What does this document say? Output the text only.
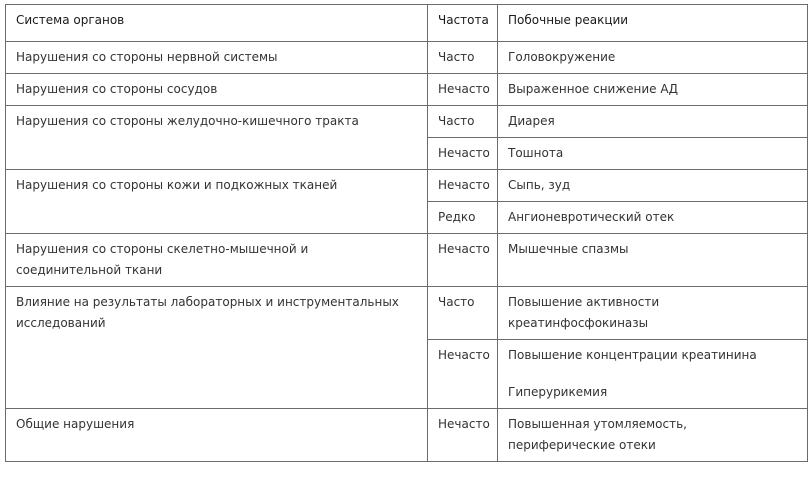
Система органов	Частота	Побочные реакции

Нарушения со стороны нервной системы	Часто	Головокружение

Нарушения со стороны сосудов	Нечасто	Выраженное снижение АД

Нарушения со стороны желудочно-кишечного тракта	Часто	Диарея

	Нечасто	Тошнота

Нарушения со стороны кожи и подкожных тканей	Нечасто	Сыпь, зуд

	Редко	Ангионевротический отек

Нарушения со стороны скелетно-мышечной и соединительной ткани	Нечасто	Мышечные спазмы

Влияние на результаты лабораторных и инструментальных исследований	Часто	Повышение активности креатинфосфокиназы

	Нечасто	Повышение концентрации креатинина
Гиперурикемия

Общие нарушения	Нечасто	Повышенная утомляемость, периферические отеки
